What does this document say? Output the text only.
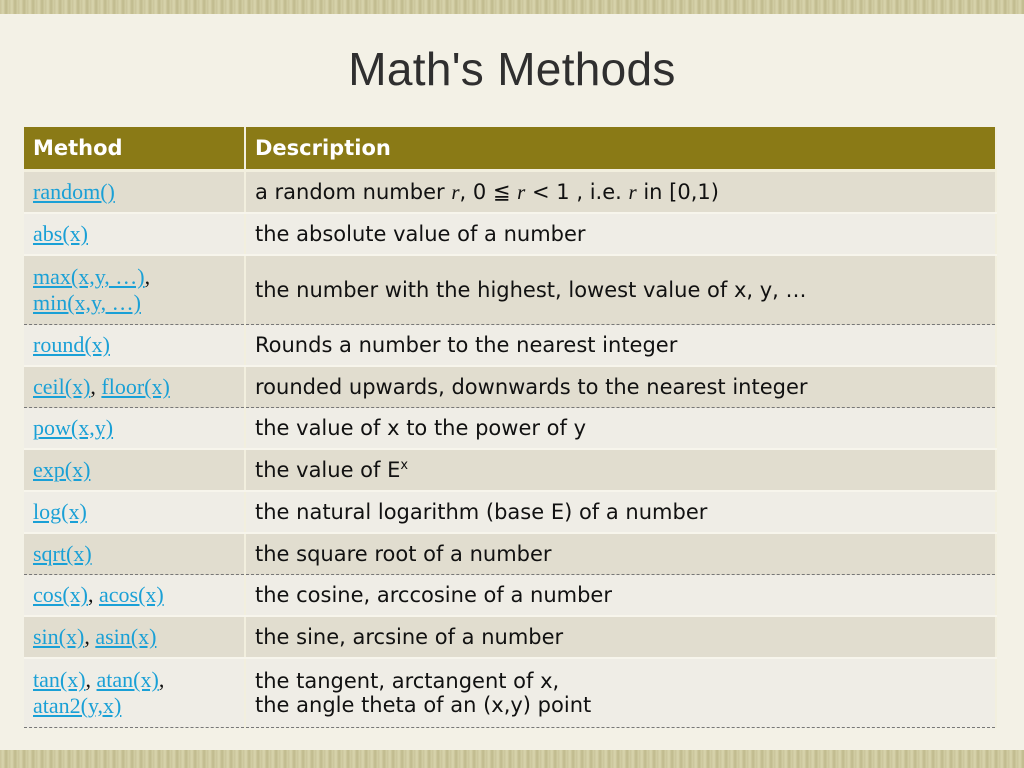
Math's Methods
Method	Description
random()	a random number r, 0 ≦ r < 1 , i.e. r in [0,1)
abs(x)	the absolute value of a number
max(x,y, …),
min(x,y, …)	the number with the highest, lowest value of x, y, …
round(x)	Rounds a number to the nearest integer
ceil(x), floor(x)	rounded upwards, downwards to the nearest integer
pow(x,y)	the value of x to the power of y
exp(x)	the value of $E^x$
log(x)	the natural logarithm (base E) of a number
sqrt(x)	the square root of a number
cos(x), acos(x)	the cosine, arccosine of a number
sin(x), asin(x)	the sine, arcsine of a number
tan(x), atan(x),
atan2(y,x)	the tangent, arctangent of x,
the angle theta of an (x,y) point
